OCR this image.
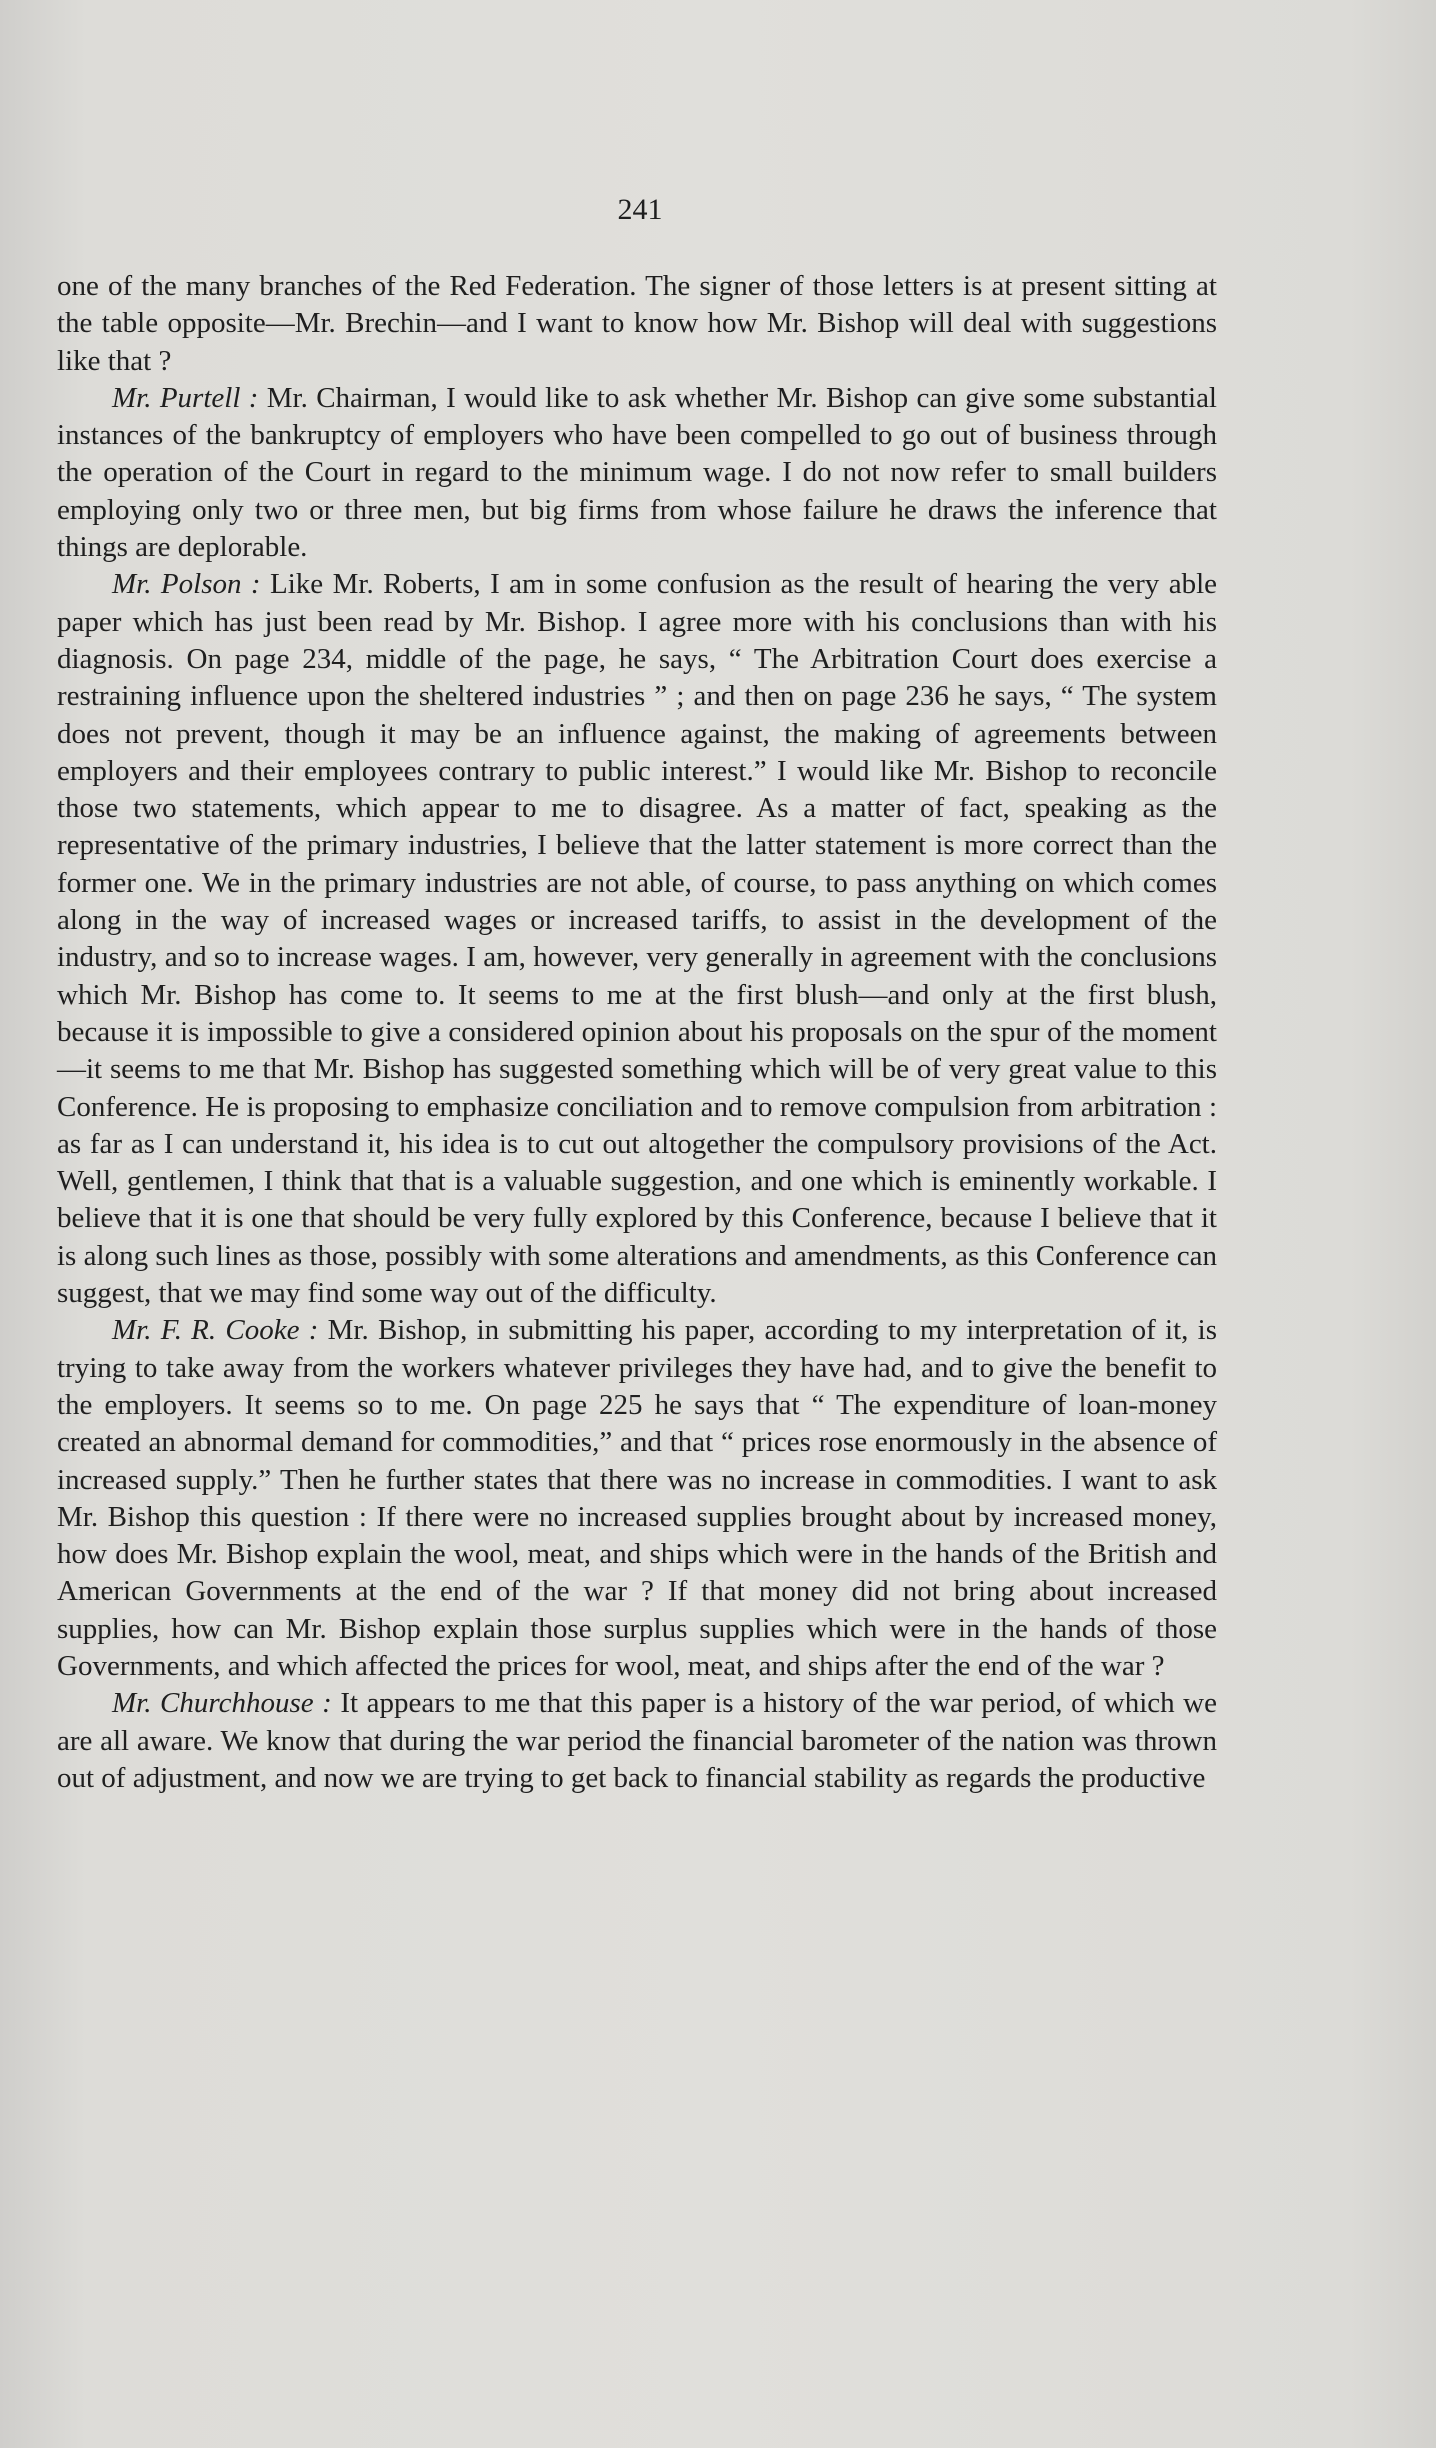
241

one of the many branches of the Red Federation. The signer of those letters is at present sitting at the table opposite—Mr. Brechin—and I want to know how Mr. Bishop will deal with suggestions like that ?

Mr. Purtell : Mr. Chairman, I would like to ask whether Mr. Bishop can give some substantial instances of the bankruptcy of employers who have been compelled to go out of business through the operation of the Court in regard to the minimum wage. I do not now refer to small builders employing only two or three men, but big firms from whose failure he draws the inference that things are deplorable.

Mr. Polson : Like Mr. Roberts, I am in some confusion as the result of hearing the very able paper which has just been read by Mr. Bishop. I agree more with his conclusions than with his diagnosis. On page 234, middle of the page, he says, “ The Arbitration Court does exercise a restraining influence upon the sheltered industries ” ; and then on page 236 he says, “ The system does not prevent, though it may be an influence against, the making of agreements between employers and their employees contrary to public interest.” I would like Mr. Bishop to reconcile those two statements, which appear to me to disagree. As a matter of fact, speaking as the representative of the primary industries, I believe that the latter statement is more correct than the former one. We in the primary industries are not able, of course, to pass anything on which comes along in the way of increased wages or increased tariffs, to assist in the development of the industry, and so to increase wages. I am, however, very generally in agreement with the conclusions which Mr. Bishop has come to. It seems to me at the first blush—and only at the first blush, because it is impossible to give a considered opinion about his proposals on the spur of the moment —it seems to me that Mr. Bishop has suggested something which will be of very great value to this Conference. He is proposing to emphasize conciliation and to remove compulsion from arbitration : as far as I can understand it, his idea is to cut out altogether the compulsory provisions of the Act. Well, gentlemen, I think that that is a valuable suggestion, and one which is eminently workable. I believe that it is one that should be very fully explored by this Conference, because I believe that it is along such lines as those, possibly with some alterations and amendments, as this Conference can suggest, that we may find some way out of the difficulty.

Mr. F. R. Cooke : Mr. Bishop, in submitting his paper, according to my interpretation of it, is trying to take away from the workers whatever privileges they have had, and to give the benefit to the employers. It seems so to me. On page 225 he says that “ The expenditure of loan-money created an abnormal demand for commodities,” and that “ prices rose enormously in the absence of increased supply.” Then he further states that there was no increase in commodities. I want to ask Mr. Bishop this question : If there were no increased supplies brought about by increased money, how does Mr. Bishop explain the wool, meat, and ships which were in the hands of the British and American Governments at the end of the war ? If that money did not bring about increased supplies, how can Mr. Bishop explain those surplus supplies which were in the hands of those Governments, and which affected the prices for wool, meat, and ships after the end of the war ?

Mr. Churchhouse : It appears to me that this paper is a history of the war period, of which we are all aware. We know that during the war period the financial barometer of the nation was thrown out of adjustment, and now we are trying to get back to financial stability as regards the productive
